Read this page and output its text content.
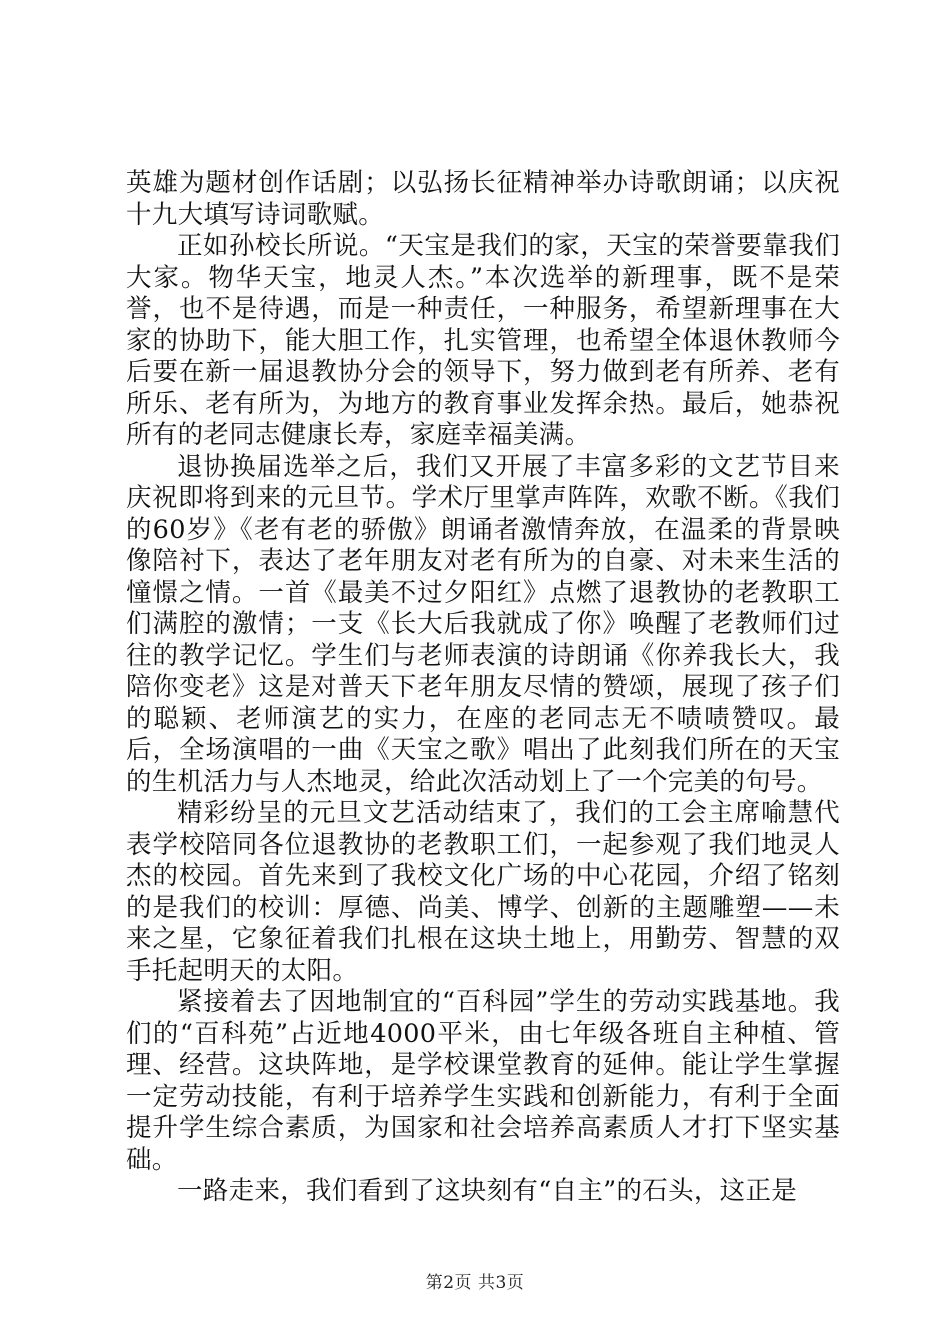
英雄为题材创作话剧；以弘扬长征精神举办诗歌朗诵；以庆祝十九大填写诗词歌赋。

正如孙校长所说。“天宝是我们的家，天宝的荣誉要靠我们大家。物华天宝，地灵人杰。”本次选举的新理事，既不是荣誉，也不是待遇，而是一种责任，一种服务，希望新理事在大家的协助下，能大胆工作，扎实管理，也希望全体退休教师今后要在新一届退教协分会的领导下，努力做到老有所养、老有所乐、老有所为，为地方的教育事业发挥余热。最后，她恭祝所有的老同志健康长寿，家庭幸福美满。

退协换届选举之后，我们又开展了丰富多彩的文艺节目来庆祝即将到来的元旦节。学术厅里掌声阵阵，欢歌不断。《我们的60岁》《老有老的骄傲》朗诵者激情奔放，在温柔的背景映像陪衬下，表达了老年朋友对老有所为的自豪、对未来生活的憧憬之情。一首《最美不过夕阳红》点燃了退教协的老教职工们满腔的激情；一支《长大后我就成了你》唤醒了老教师们过往的教学记忆。学生们与老师表演的诗朗诵《你养我长大，我陪你变老》这是对普天下老年朋友尽情的赞颂，展现了孩子们的聪颖、老师演艺的实力，在座的老同志无不啧啧赞叹。最后，全场演唱的一曲《天宝之歌》唱出了此刻我们所在的天宝的生机活力与人杰地灵，给此次活动划上了一个完美的句号。

精彩纷呈的元旦文艺活动结束了，我们的工会主席喻慧代表学校陪同各位退教协的老教职工们，一起参观了我们地灵人杰的校园。首先来到了我校文化广场的中心花园，介绍了铭刻的是我们的校训：厚德、尚美、博学、创新的主题雕塑——未来之星，它象征着我们扎根在这块土地上，用勤劳、智慧的双手托起明天的太阳。

紧接着去了因地制宜的“百科园”学生的劳动实践基地。我们的“百科苑”占近地4000平米，由七年级各班自主种植、管理、经营。这块阵地，是学校课堂教育的延伸。能让学生掌握一定劳动技能，有利于培养学生实践和创新能力，有利于全面提升学生综合素质，为国家和社会培养高素质人才打下坚实基础。

一路走来，我们看到了这块刻有“自主”的石头，这正是

第2页 共3页
